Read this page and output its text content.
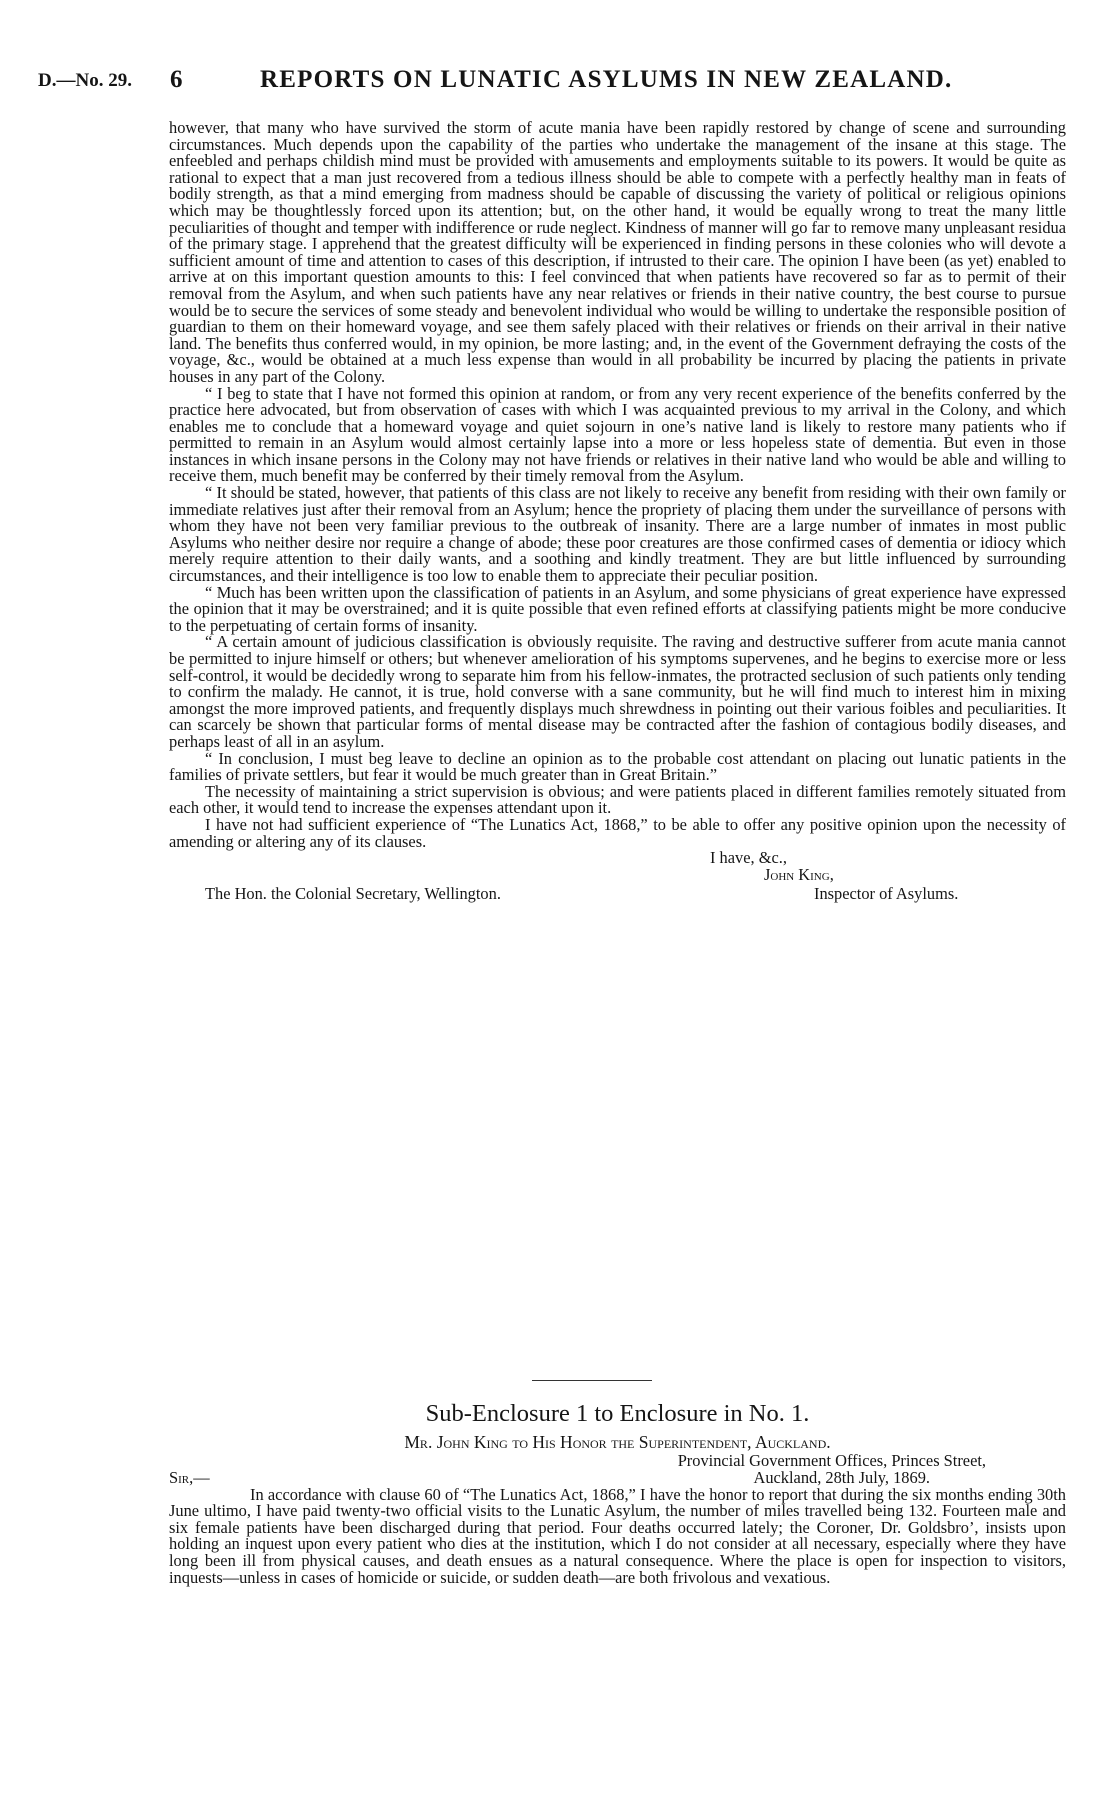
D.—No. 29. 6	REPORTS ON LUNATIC ASYLUMS IN NEW ZEALAND.

however, that many who have survived the storm of acute mania have been rapidly restored by change of scene and surrounding circumstances. Much depends upon the capability of the parties who undertake the management of the insane at this stage. The enfeebled and perhaps childish mind must be provided with amusements and employments suitable to its powers. It would be quite as rational to expect that a man just recovered from a tedious illness should be able to compete with a perfectly healthy man in feats of bodily strength, as that a mind emerging from madness should be capable of discussing the variety of political or religious opinions which may be thoughtlessly forced upon its attention; but, on the other hand, it would be equally wrong to treat the many little peculiarities of thought and temper with indifference or rude neglect. Kindness of manner will go far to remove many unpleasant residua of the primary stage. I apprehend that the greatest difficulty will be experienced in finding persons in these colonies who will devote a sufficient amount of time and attention to cases of this description, if intrusted to their care. The opinion I have been (as yet) enabled to arrive at on this important question amounts to this: I feel convinced that when patients have recovered so far as to permit of their removal from the Asylum, and when such patients have any near relatives or friends in their native country, the best course to pursue would be to secure the services of some steady and benevolent individual who would be willing to undertake the responsible position of guardian to them on their homeward voyage, and see them safely placed with their relatives or friends on their arrival in their native land. The benefits thus conferred would, in my opinion, be more lasting; and, in the event of the Government defraying the costs of the voyage, &c., would be obtained at a much less expense than would in all probability be incurred by placing the patients in private houses in any part of the Colony.

“ I beg to state that I have not formed this opinion at random, or from any very recent experience of the benefits conferred by the practice here advocated, but from observation of cases with which I was acquainted previous to my arrival in the Colony, and which enables me to conclude that a homeward voyage and quiet sojourn in one’s native land is likely to restore many patients who if permitted to remain in an Asylum would almost certainly lapse into a more or less hopeless state of dementia. But even in those instances in which insane persons in the Colony may not have friends or relatives in their native land who would be able and willing to receive them, much benefit may be conferred by their timely removal from the Asylum.

“ It should be stated, however, that patients of this class are not likely to receive any benefit from residing with their own family or immediate relatives just after their removal from an Asylum; hence the propriety of placing them under the surveillance of persons with whom they have not been very familiar previous to the outbreak of insanity. There are a large number of inmates in most public Asylums who neither desire nor require a change of abode; these poor creatures are those confirmed cases of dementia or idiocy which merely require attention to their daily wants, and a soothing and kindly treatment. They are but little influenced by surrounding circumstances, and their intelligence is too low to enable them to appreciate their peculiar position.

“ Much has been written upon the classification of patients in an Asylum, and some physicians of great experience have expressed the opinion that it may be overstrained; and it is quite possible that even refined efforts at classifying patients might be more conducive to the perpetuating of certain forms of insanity.

“ A certain amount of judicious classification is obviously requisite. The raving and destructive sufferer from acute mania cannot be permitted to injure himself or others; but whenever amelioration of his symptoms supervenes, and he begins to exercise more or less self-control, it would be decidedly wrong to separate him from his fellow-inmates, the protracted seclusion of such patients only tending to confirm the malady. He cannot, it is true, hold converse with a sane community, but he will find much to interest him in mixing amongst the more improved patients, and frequently displays much shrewdness in pointing out their various foibles and peculiarities. It can scarcely be shown that particular forms of mental disease may be contracted after the fashion of contagious bodily diseases, and perhaps least of all in an asylum.

“ In conclusion, I must beg leave to decline an opinion as to the probable cost attendant on placing out lunatic patients in the families of private settlers, but fear it would be much greater than in Great Britain.”

The necessity of maintaining a strict supervision is obvious; and were patients placed in different families remotely situated from each other, it would tend to increase the expenses attendant upon it.

I have not had sufficient experience of “The Lunatics Act, 1868,” to be able to offer any positive opinion upon the necessity of amending or altering any of its clauses.

I have, &c.,
John King,
The Hon. the Colonial Secretary, Wellington.	Inspector of Asylums.
Sub-Enclosure 1 to Enclosure in No. 1.
Mr. John King to His Honor the Superintendent, Auckland.
Provincial Government Offices, Princes Street,
Sir,—	Auckland, 28th July, 1869.

In accordance with clause 60 of “The Lunatics Act, 1868,” I have the honor to report that during the six months ending 30th June ultimo, I have paid twenty-two official visits to the Lunatic Asylum, the number of miles travelled being 132. Fourteen male and six female patients have been discharged during that period. Four deaths occurred lately; the Coroner, Dr. Goldsbro’, insists upon holding an inquest upon every patient who dies at the institution, which I do not consider at all necessary, especially where they have long been ill from physical causes, and death ensues as a natural consequence. Where the place is open for inspection to visitors, inquests—unless in cases of homicide or suicide, or sudden death—are both frivolous and vexatious.
